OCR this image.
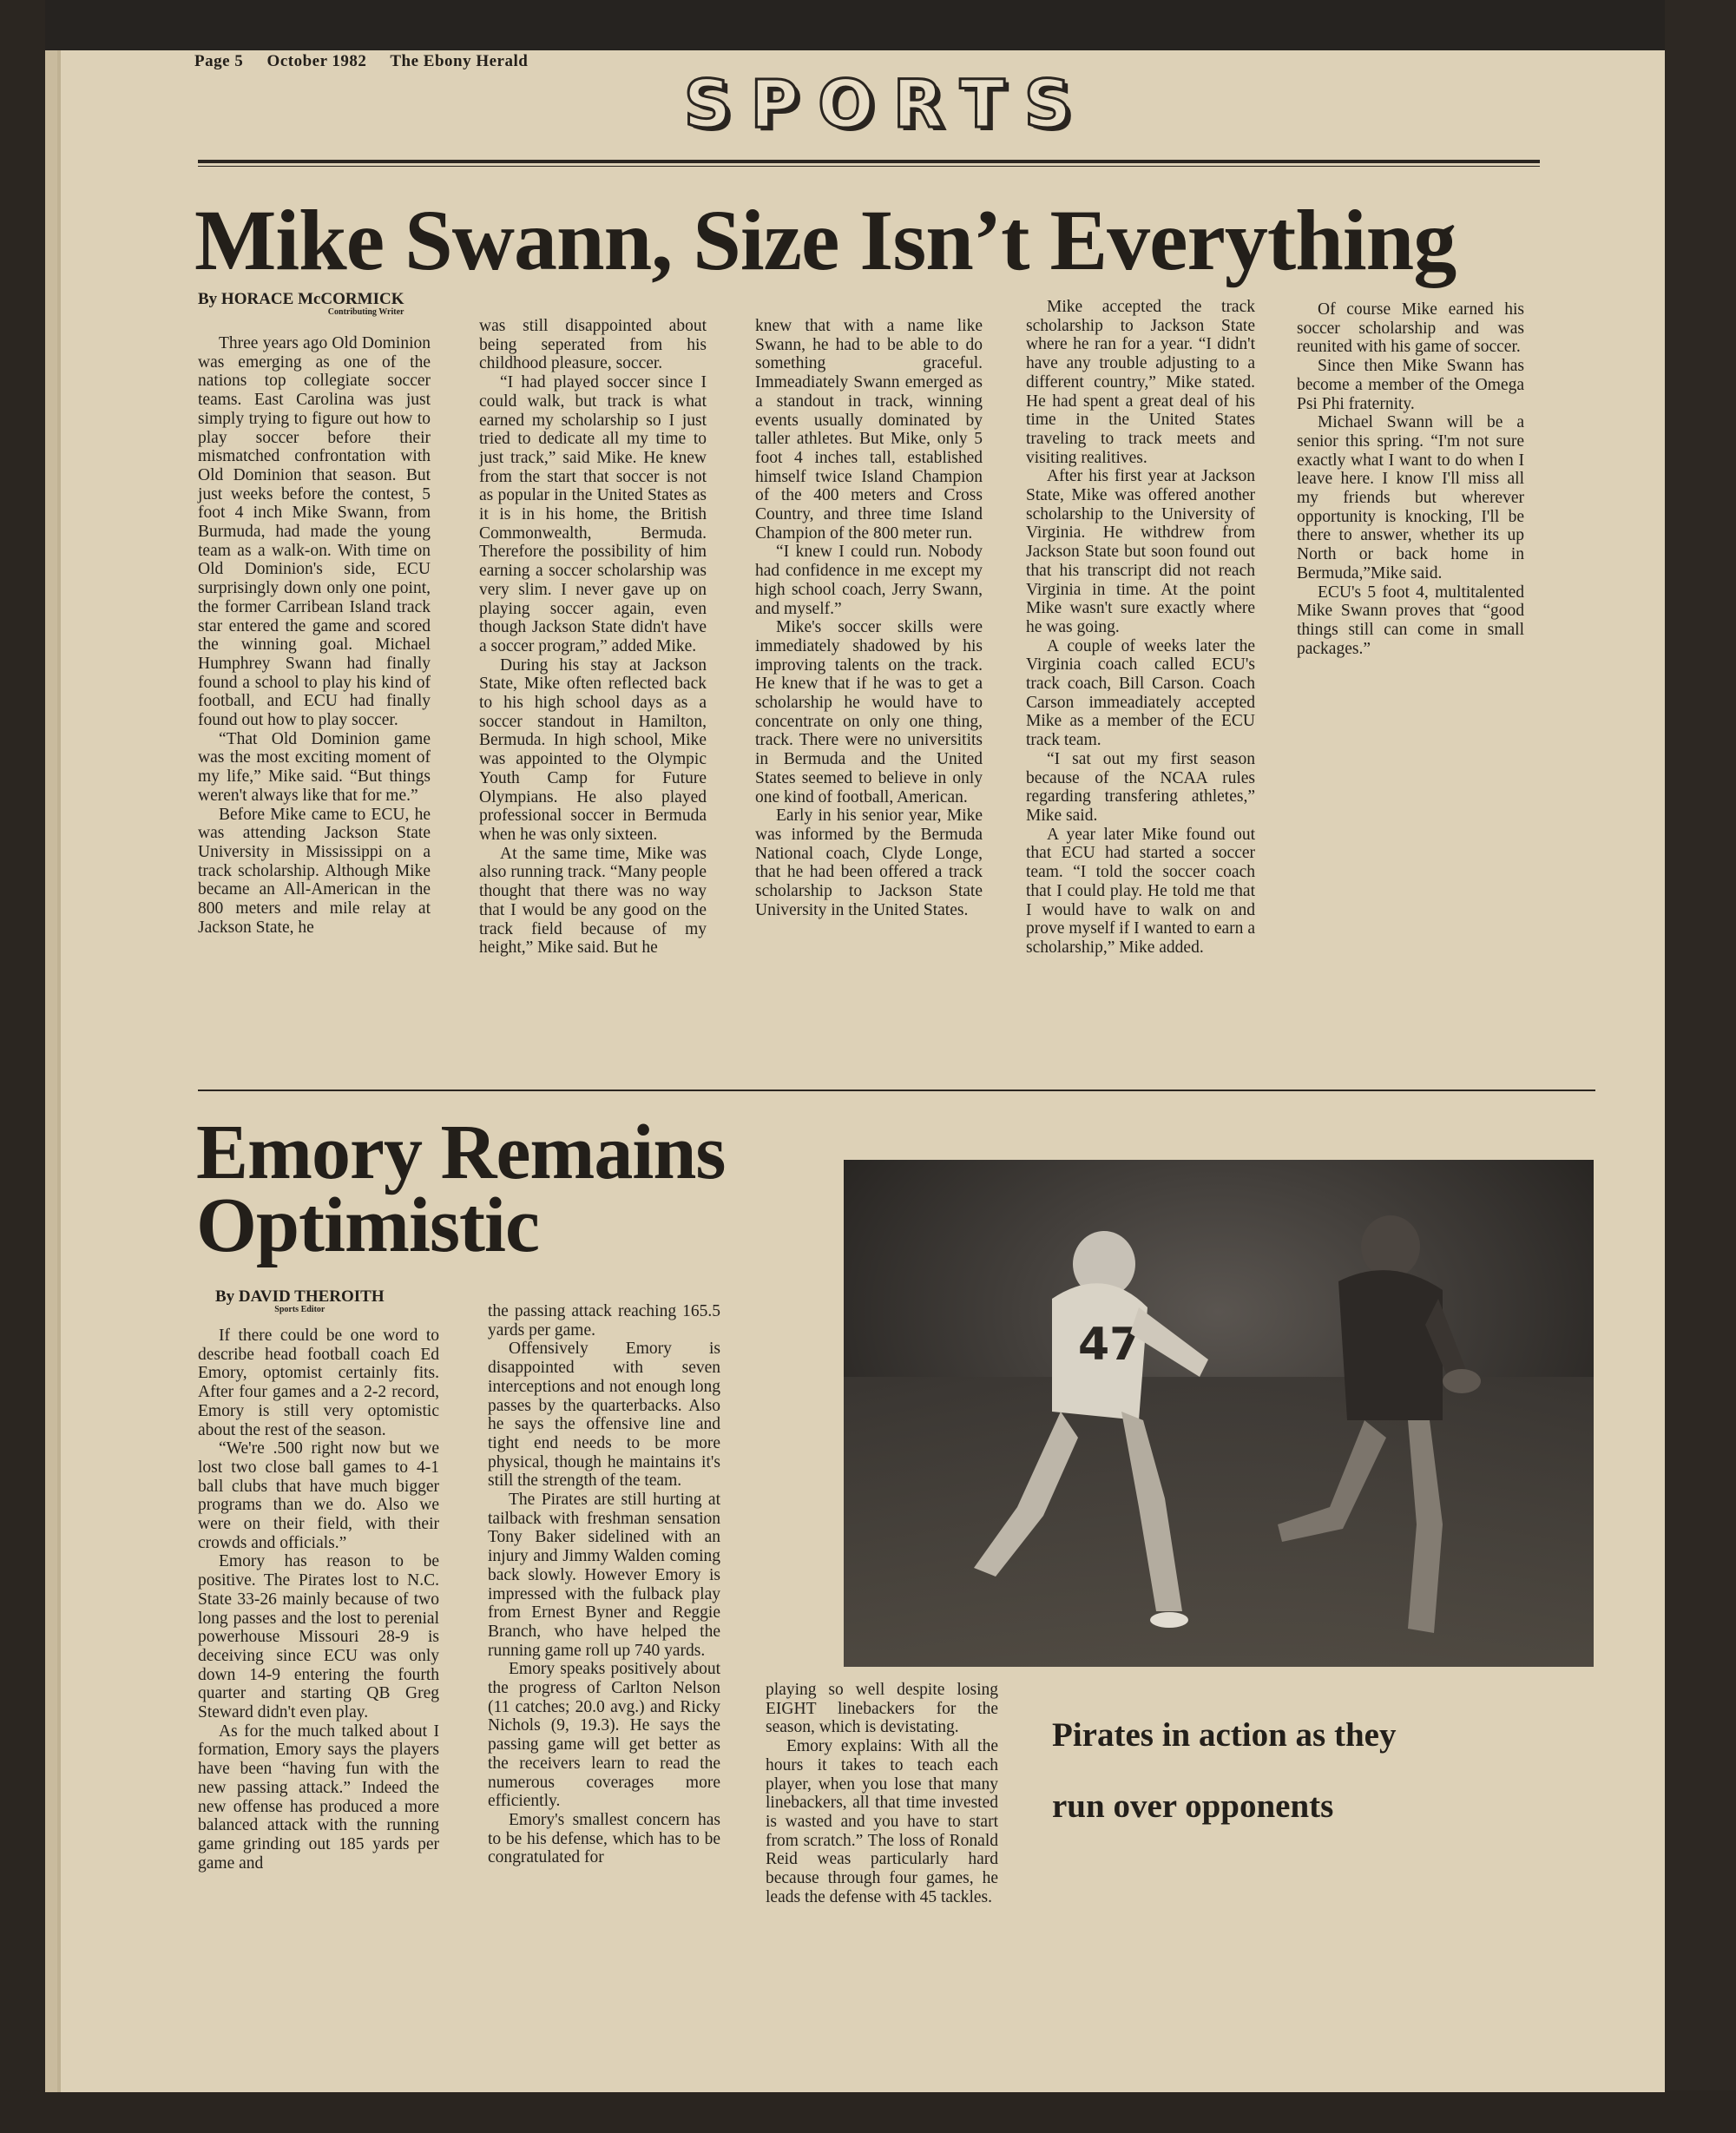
Page 5 October 1982 The Ebony Herald
SPORTS
Mike Swann, Size Isn’t Everything
By HORACE McCORMICK
Contributing Writer

Three years ago Old Dominion was emerging as one of the nations top collegiate soccer teams. East Carolina was just simply trying to figure out how to play soccer before their mismatched confrontation with Old Dominion that season. But just weeks before the contest, 5 foot 4 inch Mike Swann, from Burmuda, had made the young team as a walk-on. With time on Old Dominion's side, ECU surprisingly down only one point, the former Carribean Island track star entered the game and scored the winning goal. Michael Humphrey Swann had finally found a school to play his kind of football, and ECU had finally found out how to play soccer.

“That Old Dominion game was the most exciting moment of my life,” Mike said. “But things weren't always like that for me.”

Before Mike came to ECU, he was attending Jackson State University in Mississippi on a track scholarship. Although Mike became an All-American in the 800 meters and mile relay at Jackson State, he

was still disappointed about being seperated from his childhood pleasure, soccer.

“I had played soccer since I could walk, but track is what earned my scholarship so I just tried to dedicate all my time to just track,” said Mike. He knew from the start that soccer is not as popular in the United States as it is in his home, the British Commonwealth, Bermuda. Therefore the possibility of him earning a soccer scholarship was very slim. I never gave up on playing soccer again, even though Jackson State didn't have a soccer program,” added Mike.

During his stay at Jackson State, Mike often reflected back to his high school days as a soccer standout in Hamilton, Bermuda. In high school, Mike was appointed to the Olympic Youth Camp for Future Olympians. He also played professional soccer in Bermuda when he was only sixteen.

At the same time, Mike was also running track. “Many people thought that there was no way that I would be any good on the track field because of my height,” Mike said. But he

knew that with a name like Swann, he had to be able to do something graceful. Immeadiately Swann emerged as a standout in track, winning events usually dominated by taller athletes. But Mike, only 5 foot 4 inches tall, established himself twice Island Champion of the 400 meters and Cross Country, and three time Island Champion of the 800 meter run.

“I knew I could run. Nobody had confidence in me except my high school coach, Jerry Swann, and myself.”

Mike's soccer skills were immediately shadowed by his improving talents on the track. He knew that if he was to get a scholarship he would have to concentrate on only one thing, track. There were no universitits in Bermuda and the United States seemed to believe in only one kind of football, American.

Early in his senior year, Mike was informed by the Bermuda National coach, Clyde Longe, that he had been offered a track scholarship to Jackson State University in the United States.

Mike accepted the track scholarship to Jackson State where he ran for a year. “I didn't have any trouble adjusting to a different country,” Mike stated. He had spent a great deal of his time in the United States traveling to track meets and visiting realitives.

After his first year at Jackson State, Mike was offered another scholarship to the University of Virginia. He withdrew from Jackson State but soon found out that his transcript did not reach Virginia in time. At the point Mike wasn't sure exactly where he was going.

A couple of weeks later the Virginia coach called ECU's track coach, Bill Carson. Coach Carson immeadiately accepted Mike as a member of the ECU track team.

“I sat out my first season because of the NCAA rules regarding transfering athletes,” Mike said.

A year later Mike found out that ECU had started a soccer team. “I told the soccer coach that I could play. He told me that I would have to walk on and prove myself if I wanted to earn a scholarship,” Mike added.

Of course Mike earned his soccer scholarship and was reunited with his game of soccer.

Since then Mike Swann has become a member of the Omega Psi Phi fraternity.

Michael Swann will be a senior this spring. “I'm not sure exactly what I want to do when I leave here. I know I'll miss all my friends but wherever opportunity is knocking, I'll be there to answer, whether its up North or back home in Bermuda,”Mike said.

ECU's 5 foot 4, multitalented Mike Swann proves that “good things still can come in small packages.”

Emory Remains
Optimistic
By DAVID THEROITH
Sports Editor

If there could be one word to describe head football coach Ed Emory, optomist certainly fits. After four games and a 2-2 record, Emory is still very optomistic about the rest of the season.

“We're .500 right now but we lost two close ball games to 4-1 ball clubs that have much bigger programs than we do. Also we were on their field, with their crowds and officials.”

Emory has reason to be positive. The Pirates lost to N.C. State 33-26 mainly because of two long passes and the lost to perenial powerhouse Missouri 28-9 is deceiving since ECU was only down 14-9 entering the fourth quarter and starting QB Greg Steward didn't even play.

As for the much talked about I formation, Emory says the players have been “having fun with the new passing attack.” Indeed the new offense has produced a more balanced attack with the running game grinding out 185 yards per game and

the passing attack reaching 165.5 yards per game.

Offensively Emory is disappointed with seven interceptions and not enough long passes by the quarterbacks. Also he says the offensive line and tight end needs to be more physical, though he maintains it's still the strength of the team.

The Pirates are still hurting at tailback with freshman sensation Tony Baker sidelined with an injury and Jimmy Walden coming back slowly. However Emory is impressed with the fulback play from Ernest Byner and Reggie Branch, who have helped the running game roll up 740 yards.

Emory speaks positively about the progress of Carlton Nelson (11 catches; 20.0 avg.) and Ricky Nichols (9, 19.3). He says the passing game will get better as the receivers learn to read the numerous coverages more efficiently.

Emory's smallest concern has to be his defense, which has to be congratulated for

47

playing so well despite losing EIGHT linebackers for the season, which is devistating.

Emory explains: With all the hours it takes to teach each player, when you lose that many linebackers, all that time invested is wasted and you have to start from scratch.” The loss of Ronald Reid weas particularly hard because through four games, he leads the defense with 45 tackles.

Pirates in action as they
run over opponents
